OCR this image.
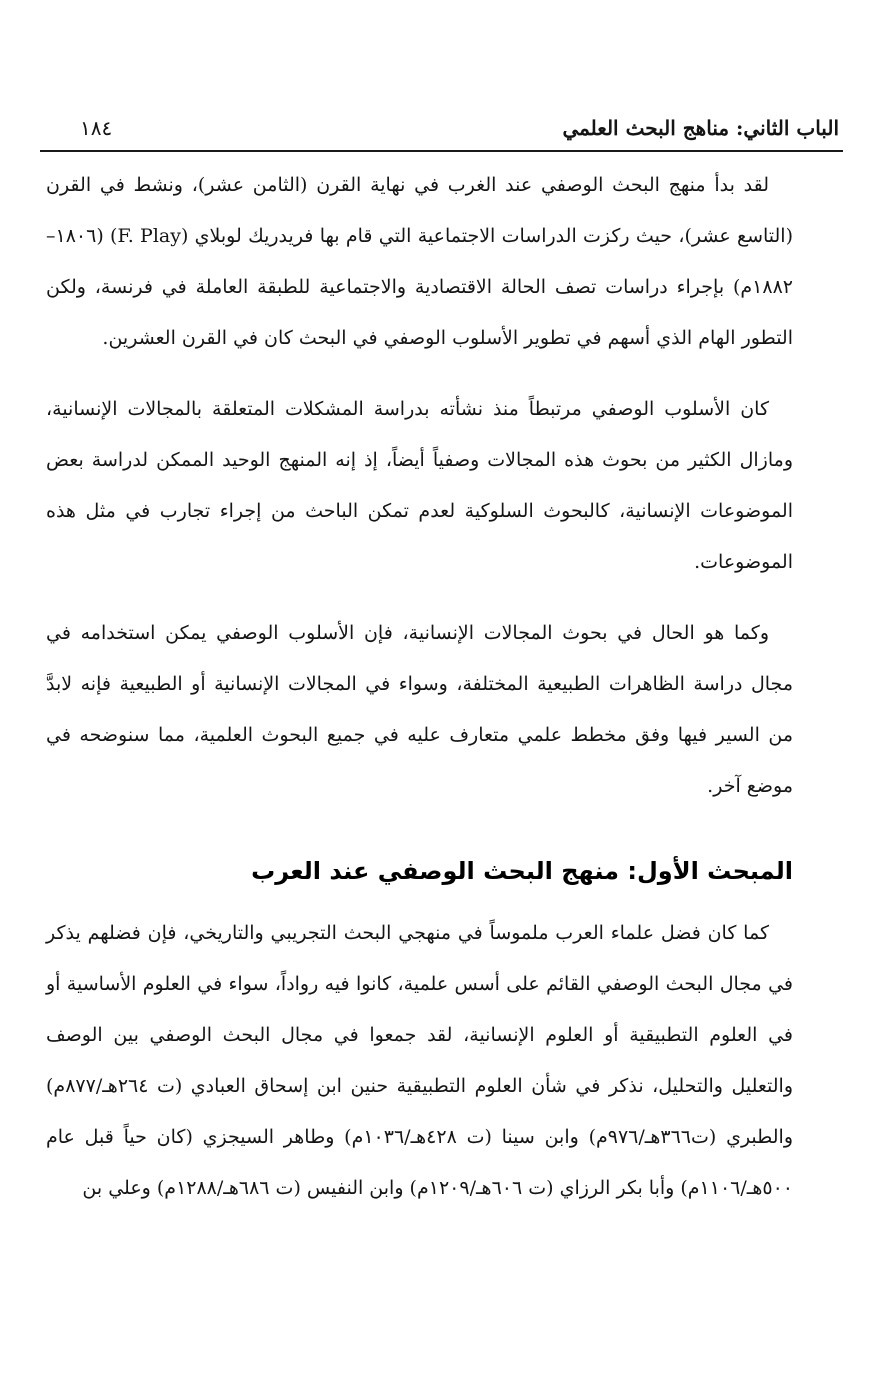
الباب الثاني: مناهج البحث العلمي
١٨٤

لقد بدأ منهج البحث الوصفي عند الغرب في نهاية القرن (الثامن عشر)، ونشط في القرن (التاسع عشر)، حيث ركزت الدراسات الاجتماعية التي قام بها فريدريك لوبلاي (F. Play) (١٨٠٦–١٨٨٢م) بإجراء دراسات تصف الحالة الاقتصادية والاجتماعية للطبقة العاملة في فرنسة، ولكن التطور الهام الذي أسهم في تطوير الأسلوب الوصفي في البحث كان في القرن العشرين.

كان الأسلوب الوصفي مرتبطاً منذ نشأته بدراسة المشكلات المتعلقة بالمجالات الإنسانية، ومازال الكثير من بحوث هذه المجالات وصفياً أيضاً، إذ إنه المنهج الوحيد الممكن لدراسة بعض الموضوعات الإنسانية، كالبحوث السلوكية لعدم تمكن الباحث من إجراء تجارب في مثل هذه الموضوعات.

وكما هو الحال في بحوث المجالات الإنسانية، فإن الأسلوب الوصفي يمكن استخدامه في مجال دراسة الظاهرات الطبيعية المختلفة، وسواء في المجالات الإنسانية أو الطبيعية فإنه لابدَّ من السير فيها وفق مخطط علمي متعارف عليه في جميع البحوث العلمية، مما سنوضحه في موضع آخر.

المبحث الأول: منهج البحث الوصفي عند العرب

كما كان فضل علماء العرب ملموساً في منهجي البحث التجريبي والتاريخي، فإن فضلهم يذكر في مجال البحث الوصفي القائم على أسس علمية، كانوا فيه رواداً، سواء في العلوم الأساسية أو في العلوم التطبيقية أو العلوم الإنسانية، لقد جمعوا في مجال البحث الوصفي بين الوصف والتعليل والتحليل، نذكر في شأن العلوم التطبيقية حنين ابن إسحاق العبادي (ت ٢٦٤هـ/٨٧٧م) والطبري (ت٣٦٦هـ/٩٧٦م) وابن سينا (ت ٤٢٨هـ/١٠٣٦م) وطاهر السيجزي (كان حياً قبل عام ٥٠٠هـ/١١٠٦م) وأبا بكر الرزاي (ت ٦٠٦هـ/١٢٠٩م) وابن النفيس (ت ٦٨٦هـ/١٢٨٨م) وعلي بن
